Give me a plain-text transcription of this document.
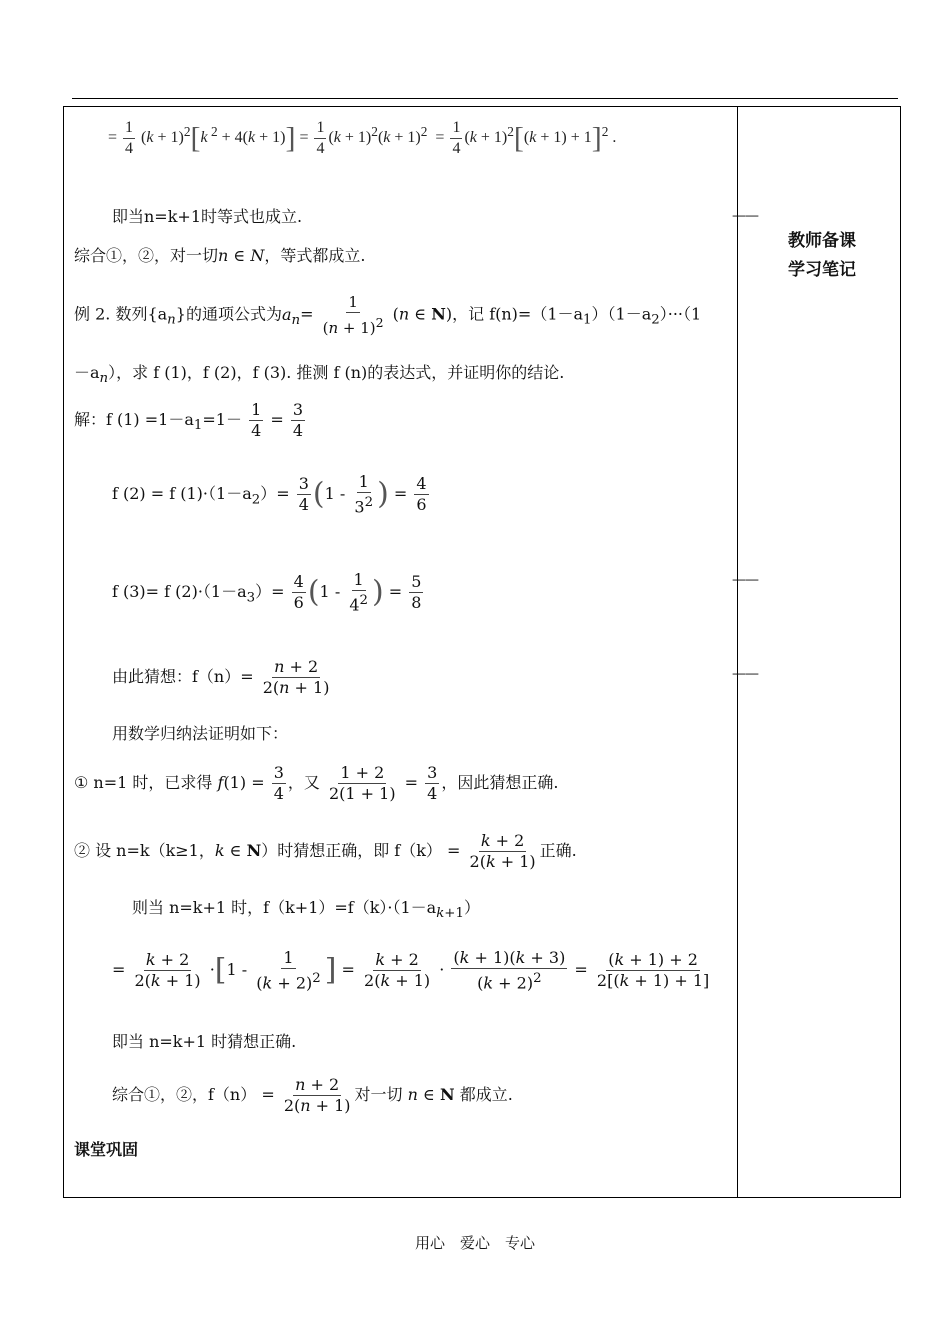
教师备课
学习笔记
——
——
——
= $\frac{1}{4} (k + 1)^2[k$ $^2 + 4(k + 1)] = \frac{1}{4} (k + 1)^2(k + 1)^2 = \frac{1}{4} (k + 1)^2[(k + 1) + 1]^2$ .
即当n=k+1时等式也成立.
综合①，②，对一切n ∈ N，等式都成立.
例 2. 数列$\{a_n\}$的通项公式为$a_n= \frac{1}{(n + 1)^2} (n$ ∈ N)，记 $f(n)=(1-a_1)(1-a_2)\cdot\cdot\cdot(1$
$-a_n$），求 f (1)，f (2)，f (3). 推测 f (n)的表达式，并证明你的结论.
解：f $(1) =1-a_1=1- \frac{1}{4} = \frac{3}{4}$
f (2) = f $(1)\cdot(1-a_2)= \frac{3}{4} (1 - \frac{1}{3^2}$ ) = $\frac{4}{6}$
f (3)= f $(2)\cdot(1-a_3)= \frac{4}{6} (1 - \frac{1}{4^2}$ ) = $\frac{5}{8}$
由此猜想：$f(n)= \frac{n + 2}{2(n + 1)}$
用数学归纳法证明如下：
① n=1 时，已求得 $f(1) = \frac{3}{4}$ ，又 $\frac{1 + 2}{2(1 + 1)} = \frac{3}{4}$ ，因此猜想正确.
② 设 n=k（k≥1，k ∈ N）时猜想正确，即 $f(k) = \frac{k + 2}{2(k + 1)}$ 正确.
则当 n=k+1 时，$f(k+1)=f(k)\cdot(1-a_{k+1})$
= $\frac{k + 2}{2(k + 1)} \cdot[1 - \frac{1}{(k + 2)^2}$ ] = $\frac{k + 2}{2(k + 1)} \cdot \frac{(k + 1)(k + 3)}{(k + 2)^2} = \frac{(k + 1) + 2}{2[(k + 1) + 1]}$
即当 n=k+1 时猜想正确.
综合①，②，$f(n) = \frac{n + 2}{2(n + 1)}$ 对一切 n ∈ N 都成立.
课堂巩固
用心　爱心　专心
